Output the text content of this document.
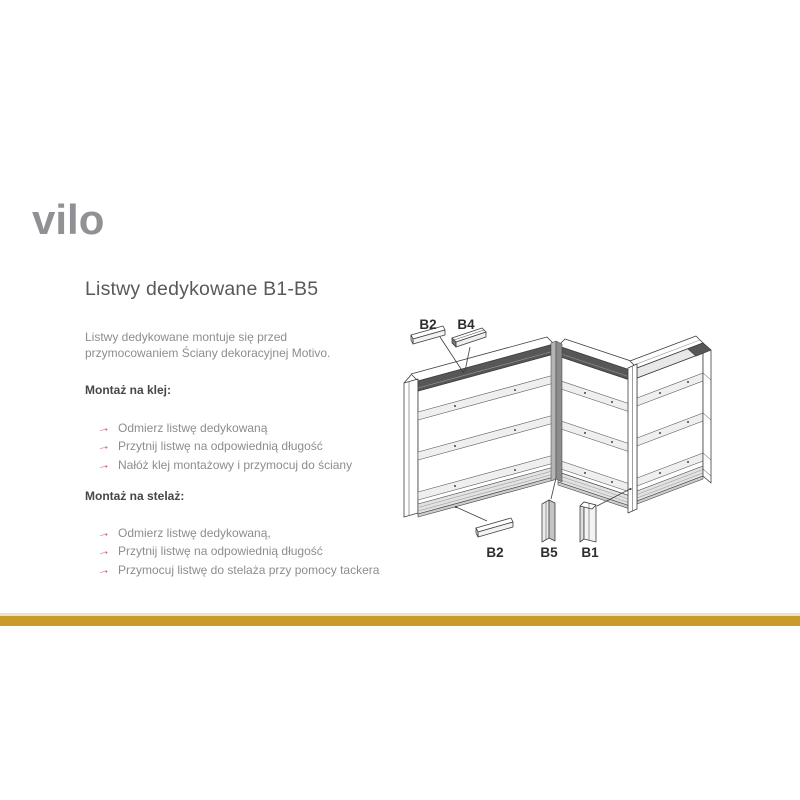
vilo
Listwy dedykowane B1-B5
Listwy dedykowane montuje się przed
przymocowaniem Ściany dekoracyjnej Motivo.
Montaż na klej:
→ Odmierz listwę dedykowaną
→ Przytnij listwę na odpowiednią długość
→ Nałóż klej montażowy i przymocuj do ściany
Montaż na stelaż:
→ Odmierz listwę dedykowaną,
→ Przytnij listwę na odpowiednią długość
→ Przymocuj listwę do stelaża przy pomocy tackera
B2 B4
B2	B5 B1
